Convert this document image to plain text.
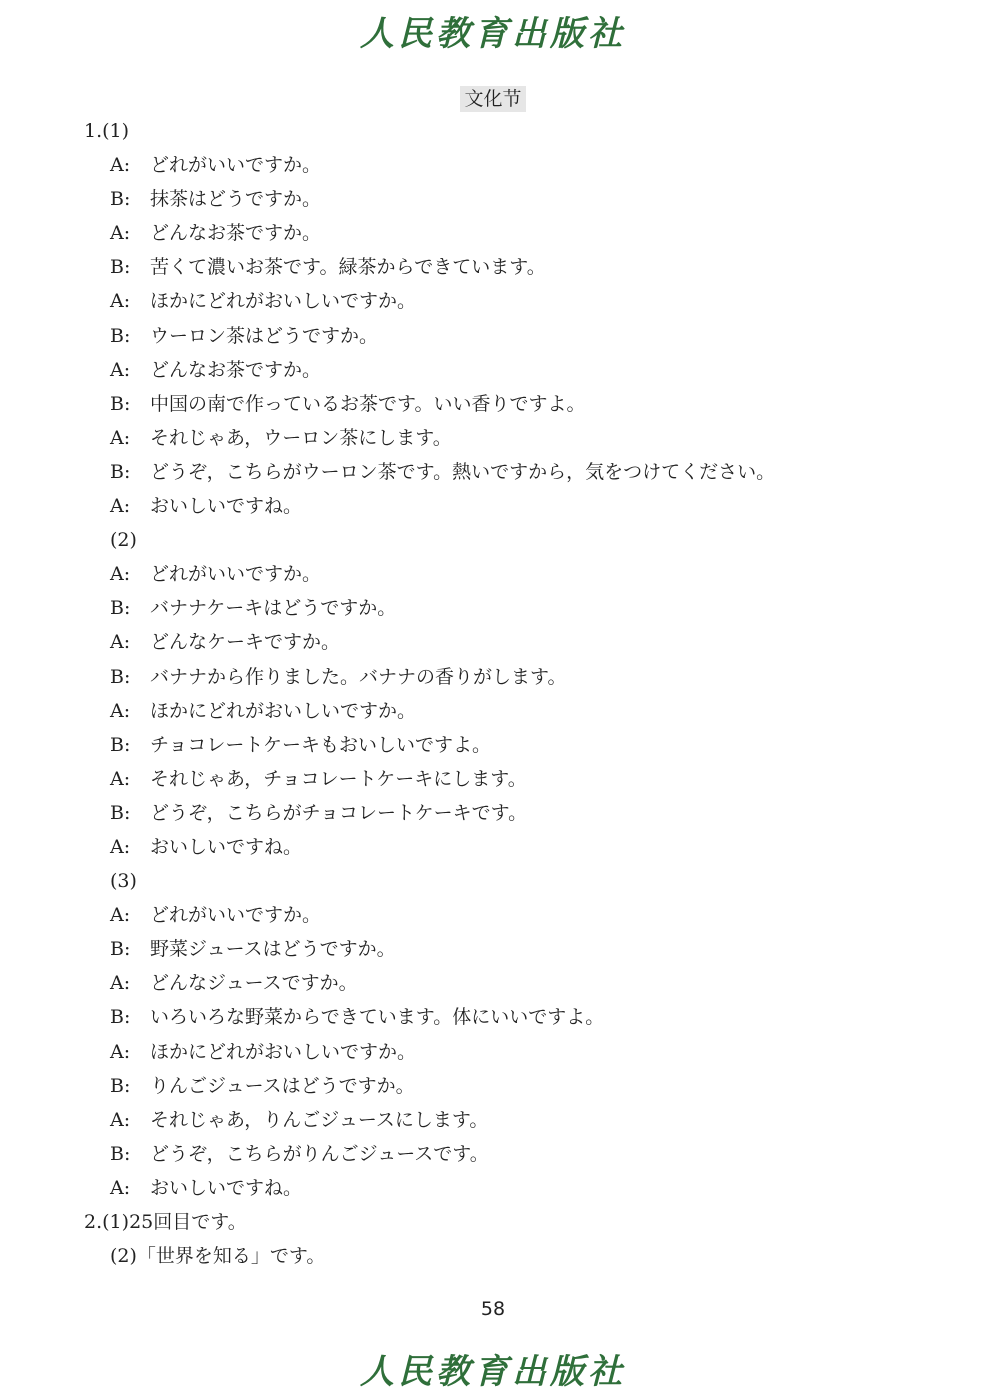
人民教育出版社
文化节
1.(1)
A: どれがいいですか。
B: 抹茶はどうですか。
A: どんなお茶ですか。
B: 苦くて濃いお茶です。緑茶からできています。
A: ほかにどれがおいしいですか。
B: ウーロン茶はどうですか。
A: どんなお茶ですか。
B: 中国の南で作っているお茶です。いい香りですよ。
A: それじゃあ，ウーロン茶にします。
B: どうぞ，こちらがウーロン茶です。熱いですから，気をつけてください。
A: おいしいですね。
(2)
A: どれがいいですか。
B: バナナケーキはどうですか。
A: どんなケーキですか。
B: バナナから作りました。バナナの香りがします。
A: ほかにどれがおいしいですか。
B: チョコレートケーキもおいしいですよ。
A: それじゃあ，チョコレートケーキにします。
B: どうぞ，こちらがチョコレートケーキです。
A: おいしいですね。
(3)
A: どれがいいですか。
B: 野菜ジュースはどうですか。
A: どんなジュースですか。
B: いろいろな野菜からできています。体にいいですよ。
A: ほかにどれがおいしいですか。
B: りんごジュースはどうですか。
A: それじゃあ，りんごジュースにします。
B: どうぞ，こちらがりんごジュースです。
A: おいしいですね。
2.(1)25回目です。
(2)「世界を知る」です。
58
人民教育出版社
